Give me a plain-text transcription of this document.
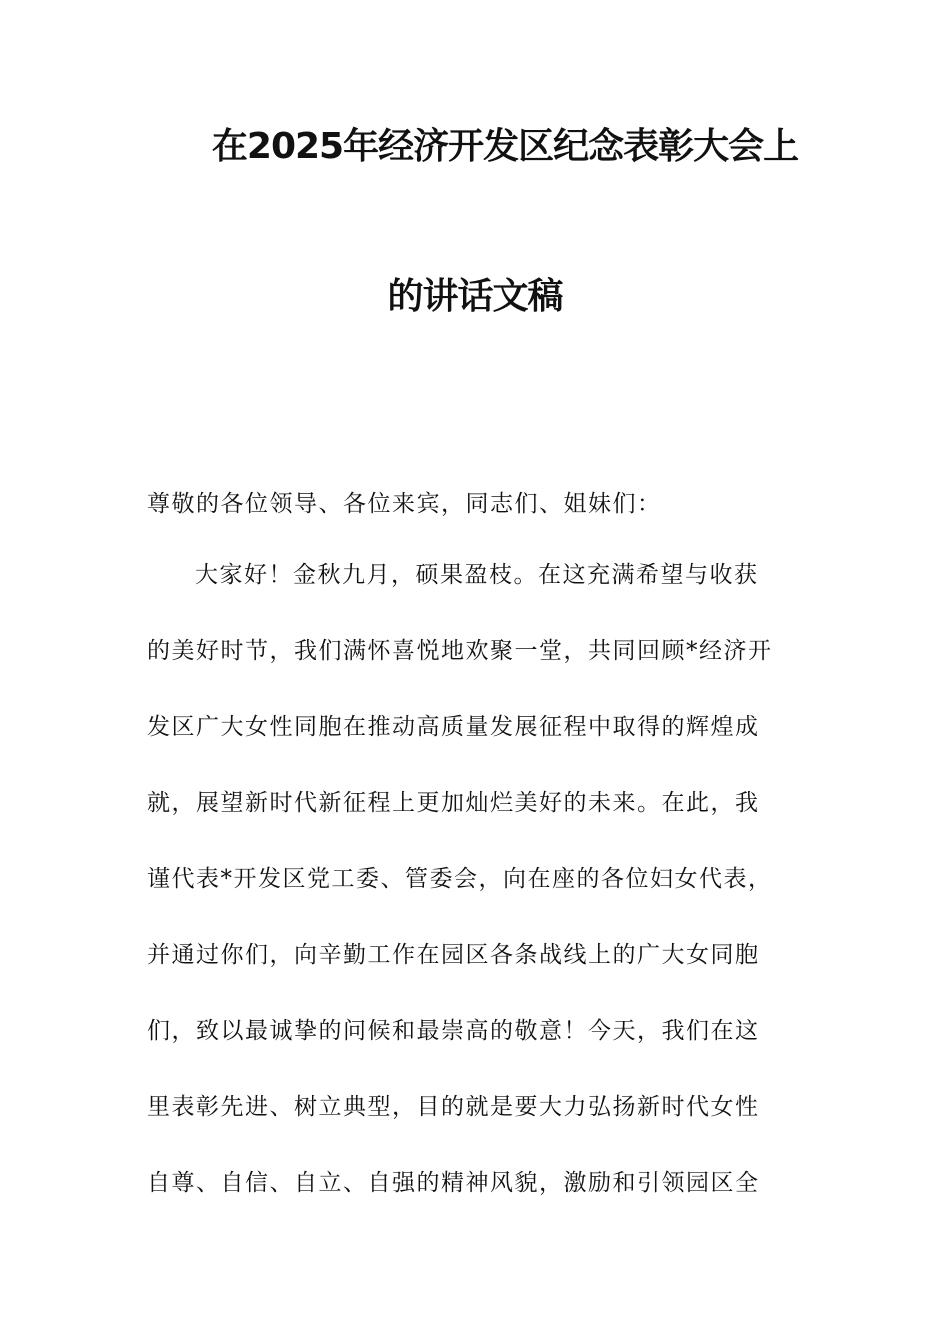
在2025年经济开发区纪念表彰大会上
的讲话文稿
尊敬的各位领导、各位来宾，同志们、姐妹们：
大家好！金秋九月，硕果盈枝。在这充满希望与收获
的美好时节，我们满怀喜悦地欢聚一堂，共同回顾*经济开
发区广大女性同胞在推动高质量发展征程中取得的辉煌成
就，展望新时代新征程上更加灿烂美好的未来。在此，我
谨代表*开发区党工委、管委会，向在座的各位妇女代表，
并通过你们，向辛勤工作在园区各条战线上的广大女同胞
们，致以最诚挚的问候和最崇高的敬意！今天，我们在这
里表彰先进、树立典型，目的就是要大力弘扬新时代女性
自尊、自信、自立、自强的精神风貌，激励和引领园区全
